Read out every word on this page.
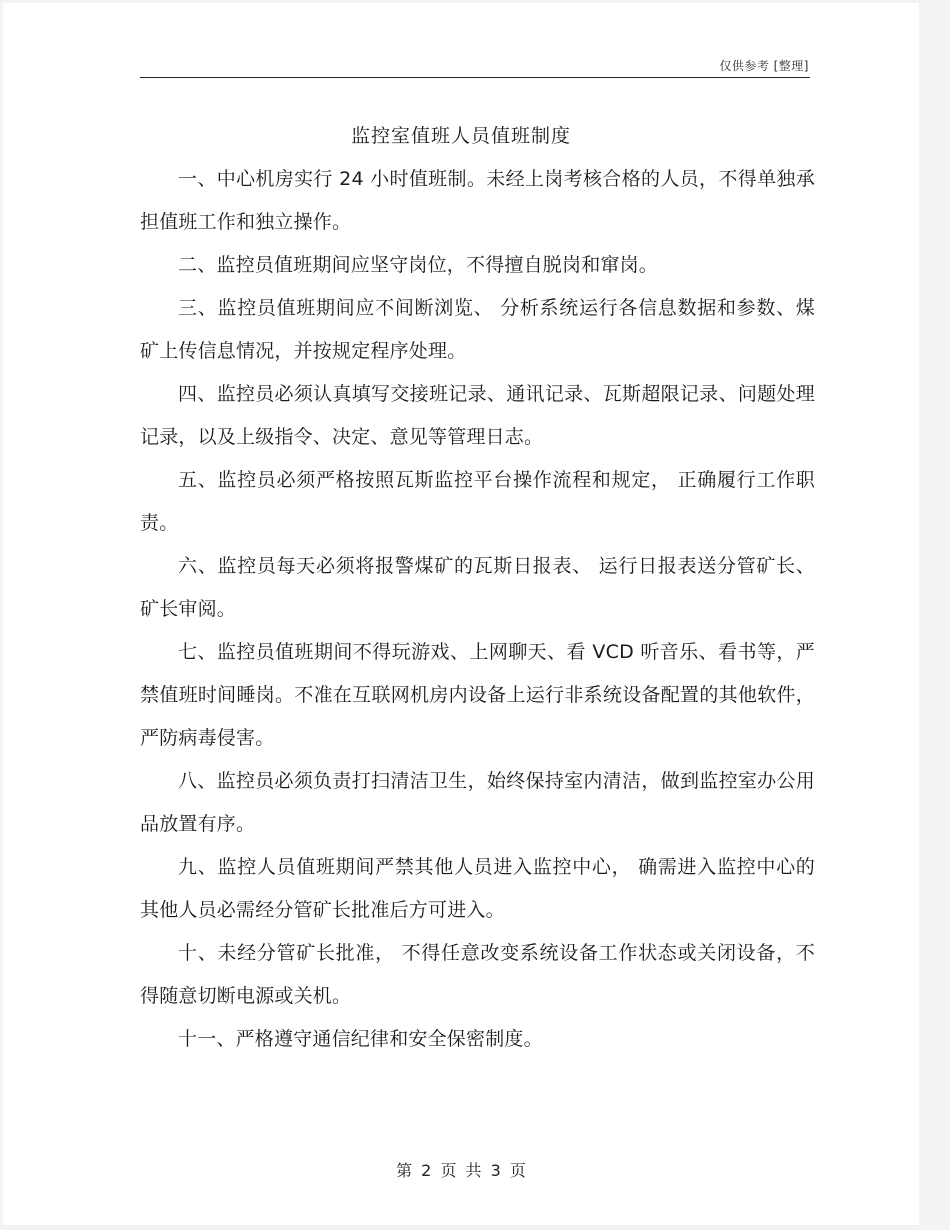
仅供参考 [整理]
监控室值班人员值班制度

一、中心机房实行 24 小时值班制。未经上岗考核合格的人员，不得单独承担值班工作和独立操作。

二、监控员值班期间应坚守岗位，不得擅自脱岗和窜岗。

三、监控员值班期间应不间断浏览、 分析系统运行各信息数据和参数、煤矿上传信息情况，并按规定程序处理。

四、监控员必须认真填写交接班记录、通讯记录、瓦斯超限记录、问题处理记录，以及上级指令、决定、意见等管理日志。

五、监控员必须严格按照瓦斯监控平台操作流程和规定， 正确履行工作职责。

六、监控员每天必须将报警煤矿的瓦斯日报表、 运行日报表送分管矿长、矿长审阅。

七、监控员值班期间不得玩游戏、上网聊天、看 VCD 听音乐、看书等，严禁值班时间睡岗。不准在互联网机房内设备上运行非系统设备配置的其他软件，严防病毒侵害。

八、监控员必须负责打扫清洁卫生，始终保持室内清洁，做到监控室办公用品放置有序。

九、监控人员值班期间严禁其他人员进入监控中心， 确需进入监控中心的其他人员必需经分管矿长批准后方可进入。

十、未经分管矿长批准， 不得任意改变系统设备工作状态或关闭设备，不得随意切断电源或关机。

十一、严格遵守通信纪律和安全保密制度。

第 2 页 共 3 页
